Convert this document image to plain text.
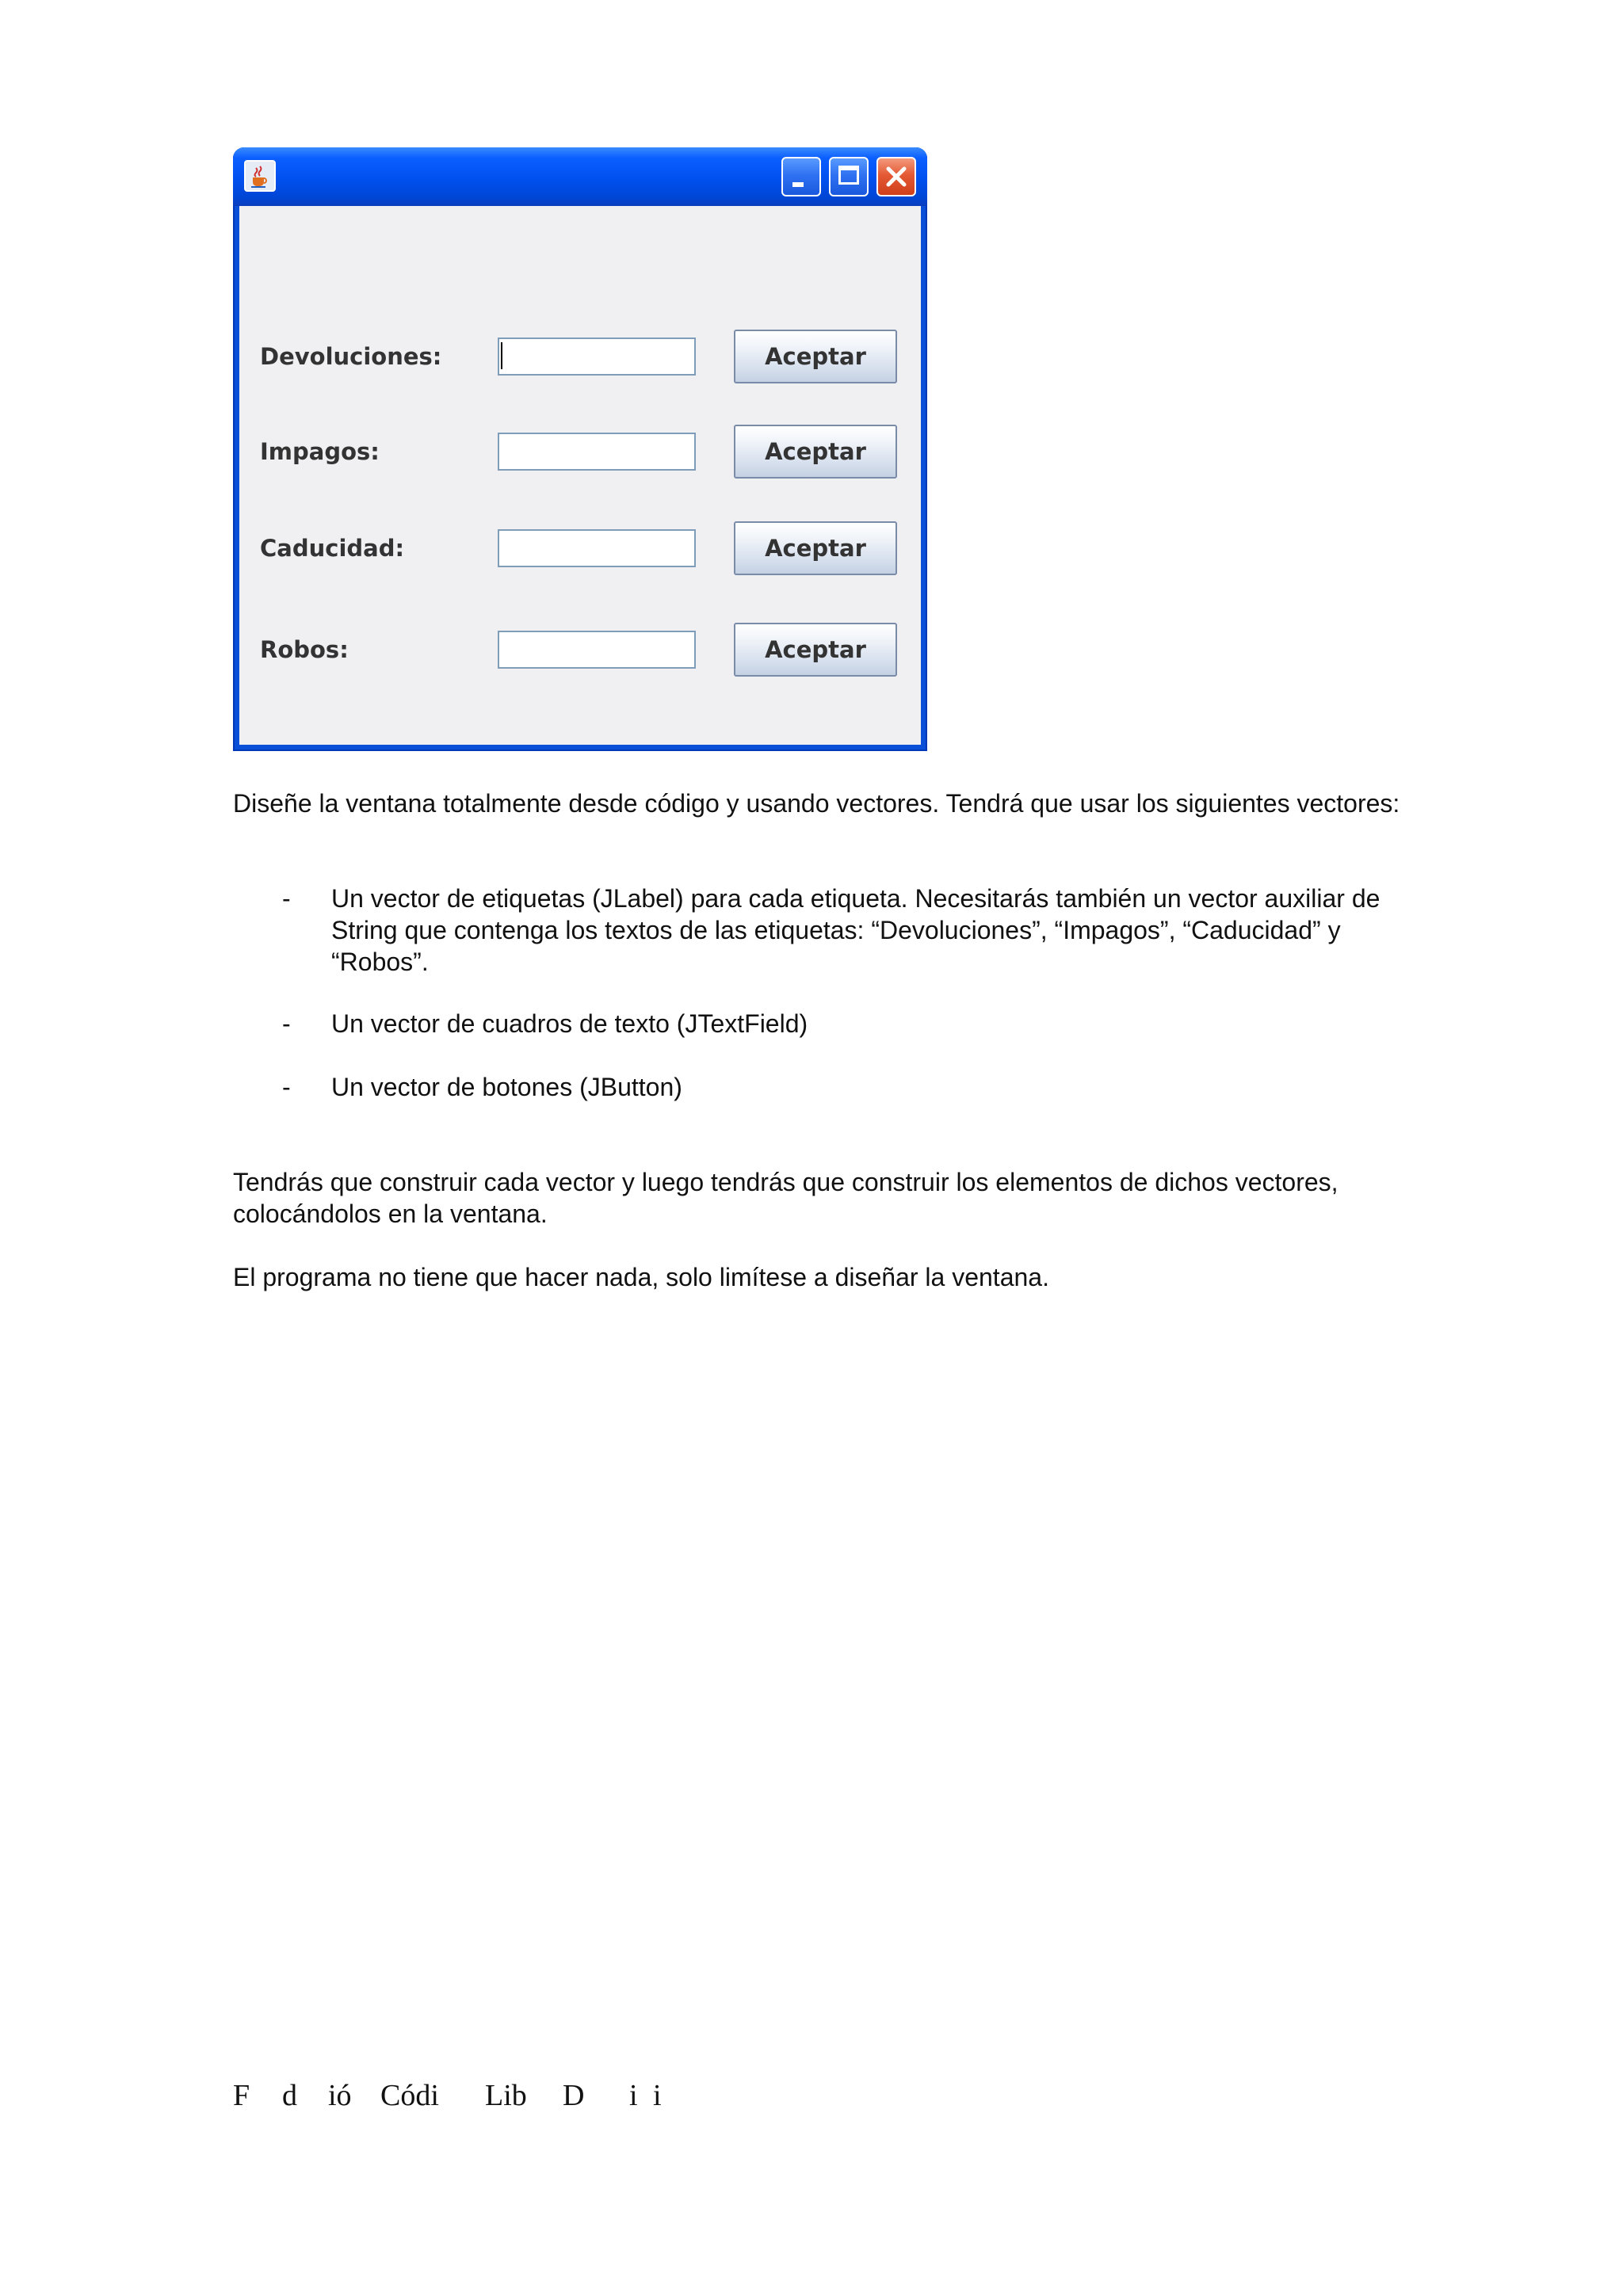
Devoluciones:	Aceptar
Impagos:	Aceptar
Caducidad:	Aceptar
Robos:	Aceptar

Diseñe la ventana totalmente desde código y usando vectores. Tendrá que usar los siguientes vectores:

- Un vector de etiquetas (JLabel) para cada etiqueta. Necesitarás también un vector auxiliar de String que contenga los textos de las etiquetas: “Devoluciones”, “Impagos”, “Caducidad” y “Robos”.

- Un vector de cuadros de texto (JTextField)

- Un vector de botones (JButton)

Tendrás que construir cada vector y luego tendrás que construir los elementos de dichos vectores, colocándolos en la ventana.

El programa no tiene que hacer nada, solo limítese a diseñar la ventana.

F d ió Códi Lib D i i
